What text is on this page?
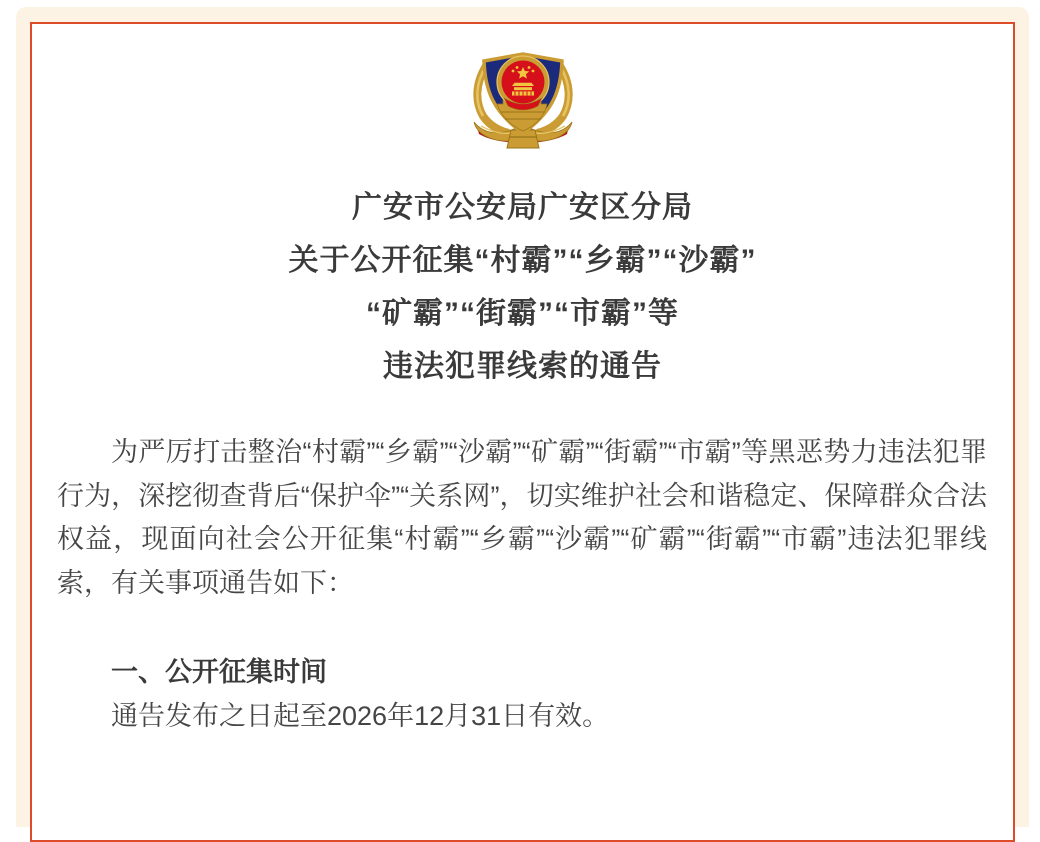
广安市公安局广安区分局
关于公开征集“村霸”“乡霸”“沙霸”
“矿霸”“街霸”“市霸”等
违法犯罪线索的通告

为严厉打击整治“村霸”“乡霸”“沙霸”“矿霸”“街霸”“市霸”等黑恶势力违法犯罪行为，深挖彻查背后“保护伞”“关系网”，切实维护社会和谐稳定、保障群众合法权益，现面向社会公开征集“村霸”“乡霸”“沙霸”“矿霸”“街霸”“市霸”违法犯罪线索，有关事项通告如下：

一、公开征集时间

通告发布之日起至2026年12月31日有效。
